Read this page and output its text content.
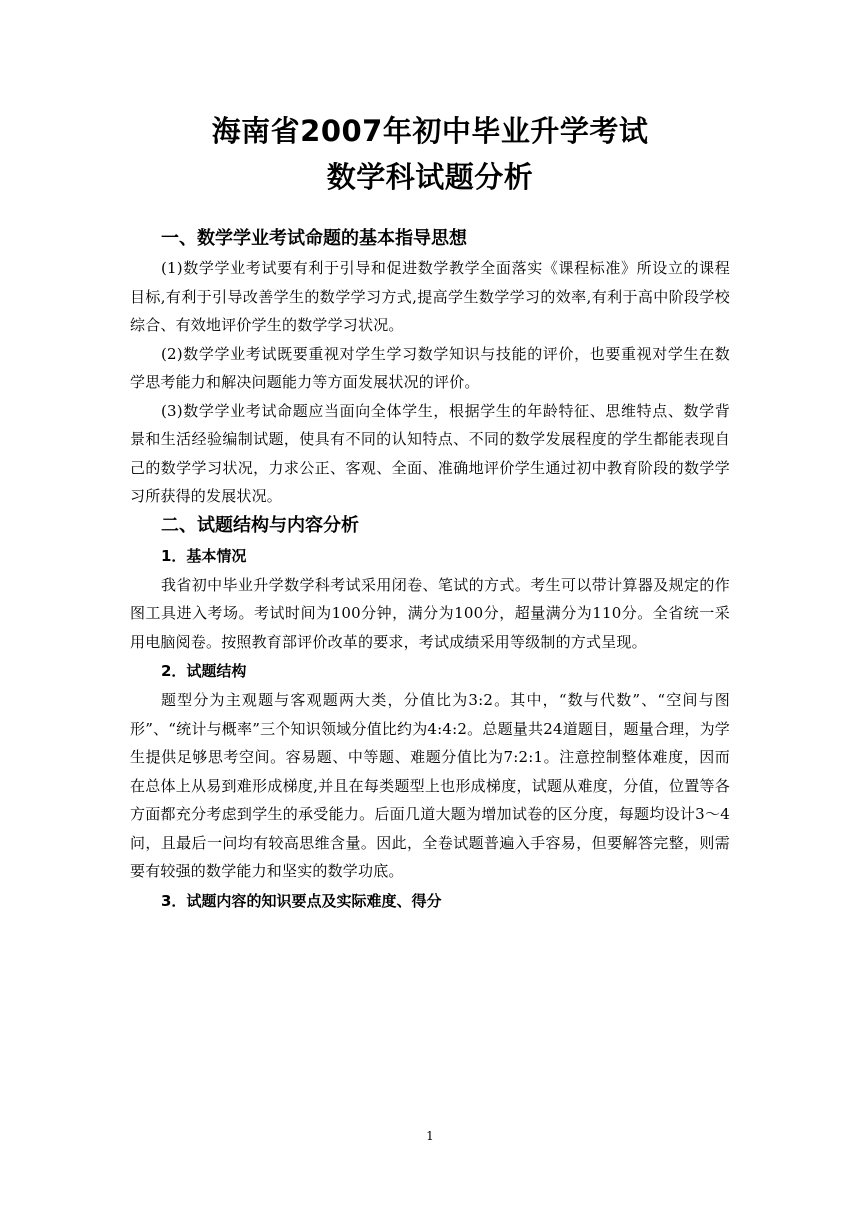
海南省2007年初中毕业升学考试
数学科试题分析
一、数学学业考试命题的基本指导思想
(1)数学学业考试要有利于引导和促进数学教学全面落实《课程标准》所设立的课程目标,有利于引导改善学生的数学学习方式,提高学生数学学习的效率,有利于高中阶段学校综合、有效地评价学生的数学学习状况。
(2)数学学业考试既要重视对学生学习数学知识与技能的评价，也要重视对学生在数学思考能力和解决问题能力等方面发展状况的评价。
(3)数学学业考试命题应当面向全体学生，根据学生的年龄特征、思维特点、数学背景和生活经验编制试题，使具有不同的认知特点、不同的数学发展程度的学生都能表现自己的数学学习状况，力求公正、客观、全面、准确地评价学生通过初中教育阶段的数学学习所获得的发展状况。
二、试题结构与内容分析
1．基本情况
我省初中毕业升学数学科考试采用闭卷、笔试的方式。考生可以带计算器及规定的作图工具进入考场。考试时间为100分钟，满分为100分，超量满分为110分。全省统一采用电脑阅卷。按照教育部评价改革的要求，考试成绩采用等级制的方式呈现。
2．试题结构
题型分为主观题与客观题两大类，分值比为3:2。其中，“数与代数”、“空间与图形”、“统计与概率”三个知识领域分值比约为4:4:2。总题量共24道题目，题量合理，为学生提供足够思考空间。容易题、中等题、难题分值比为7:2:1。注意控制整体难度，因而在总体上从易到难形成梯度,并且在每类题型上也形成梯度，试题从难度，分值，位置等各方面都充分考虑到学生的承受能力。后面几道大题为增加试卷的区分度，每题均设计3～4问，且最后一问均有较高思维含量。因此，全卷试题普遍入手容易，但要解答完整，则需要有较强的数学能力和坚实的数学功底。
3．试题内容的知识要点及实际难度、得分
1
